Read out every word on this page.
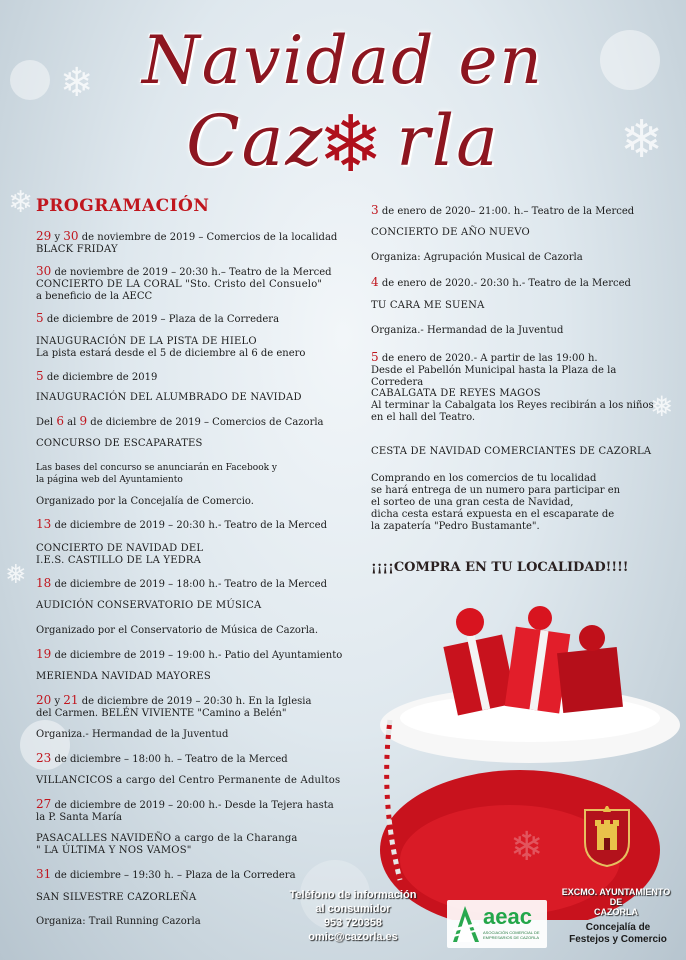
❄
❄
❄
❅
❅
Navidad en
Caz rla
❄
PROGRAMACIÓN
29 y 30 de noviembre de 2019 – Comercios de la localidad
BLACK FRIDAY
30 de noviembre de 2019 – 20:30 h.– Teatro de la Merced
CONCIERTO DE LA CORAL "Sto. Cristo del Consuelo"
a beneficio de la AECC
5 de diciembre de 2019 – Plaza de la Corredera
INAUGURACIÓN DE LA PISTA DE HIELO
La pista estará desde el 5 de diciembre al 6 de enero
5 de diciembre de 2019
INAUGURACIÓN DEL ALUMBRADO DE NAVIDAD
Del 6 al 9 de diciembre de 2019 – Comercios de Cazorla
CONCURSO DE ESCAPARATES
Las bases del concurso se anunciarán en Facebook y
la página web del Ayuntamiento
Organizado por la Concejalía de Comercio.
13 de diciembre de 2019 – 20:30 h.- Teatro de la Merced
CONCIERTO DE NAVIDAD DEL
I.E.S. CASTILLO DE LA YEDRA
18 de diciembre de 2019 – 18:00 h.- Teatro de la Merced
AUDICIÓN CONSERVATORIO DE MÚSICA
Organizado por el Conservatorio de Música de Cazorla.
19 de diciembre de 2019 – 19:00 h.- Patio del Ayuntamiento
MERIENDA NAVIDAD MAYORES
20 y 21 de diciembre de 2019 – 20:30 h. En la Iglesia
del Carmen. BELÉN VIVIENTE "Camino a Belén"
Organiza.- Hermandad de la Juventud
23 de diciembre – 18:00 h. – Teatro de la Merced
VILLANCICOS a cargo del Centro Permanente de Adultos
27 de diciembre de 2019 – 20:00 h.- Desde la Tejera hasta
la P. Santa María
PASACALLES NAVIDEÑO a cargo de la Charanga
" LA ÚLTIMA Y NOS VAMOS"
31 de diciembre – 19:30 h. – Plaza de la Corredera
SAN SILVESTRE CAZORLEÑA
Organiza: Trail Running Cazorla
3 de enero de 2020– 21:00. h.– Teatro de la Merced
CONCIERTO DE AÑO NUEVO
Organiza: Agrupación Musical de Cazorla
4 de enero de 2020.- 20:30 h.- Teatro de la Merced
TU CARA ME SUENA
Organiza.- Hermandad de la Juventud
5 de enero de 2020.- A partir de las 19:00 h.
Desde el Pabellón Municipal hasta la Plaza de la Corredera
CABALGATA DE REYES MAGOS
Al terminar la Cabalgata los Reyes recibirán a los niños
en el hall del Teatro.
CESTA DE NAVIDAD COMERCIANTES DE CAZORLA
Comprando en los comercios de tu localidad
se hará entrega de un numero para participar en
el sorteo de una gran cesta de Navidad,
dicha cesta estará expuesta en el escaparate de
la zapatería "Pedro Bustamante".
¡¡¡¡COMPRA EN TU LOCALIDAD!!!!
❄
Teléfono de información
al consumidor
953 720358
omic@cazorla.es
aeac
ASOCIACIÓN COMERCIAL DE EMPRESARIOS DE CAZORLA
EXCMO. AYUNTAMIENTO
DE
CAZORLA
Concejalía de
Festejos y Comercio
